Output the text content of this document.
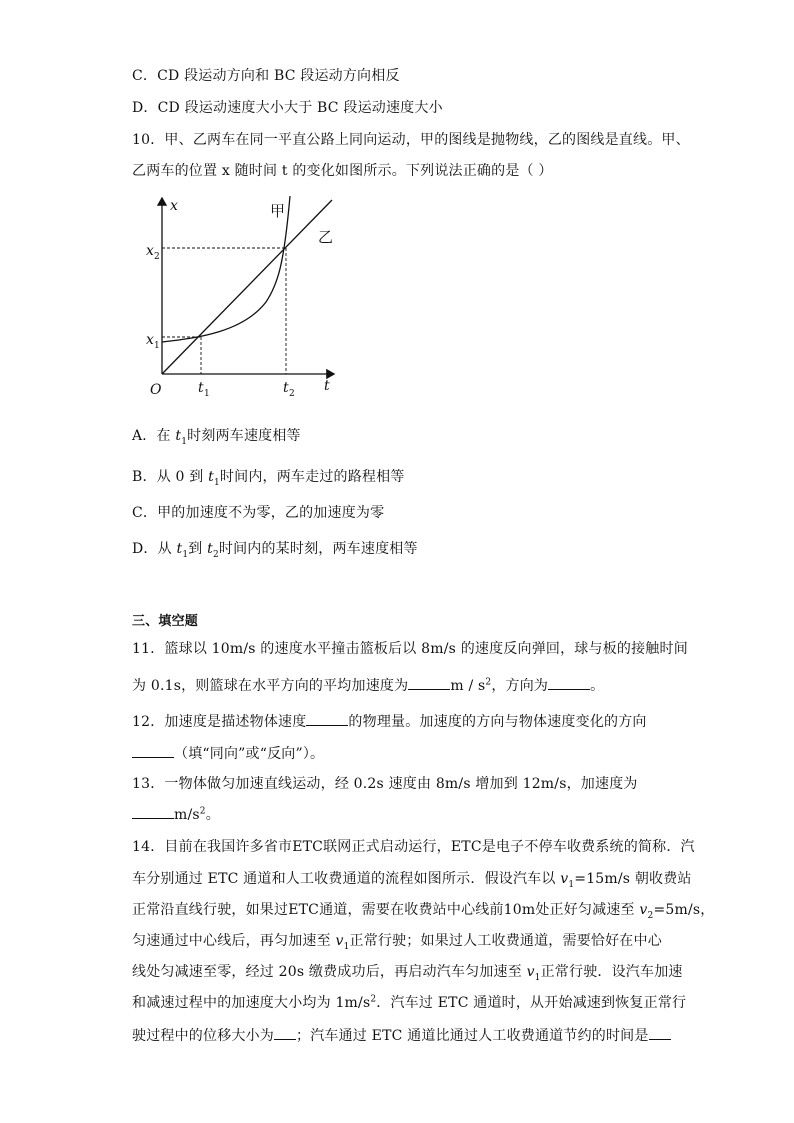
C．CD 段运动方向和 BC 段运动方向相反
D．CD 段运动速度大小大于 BC 段运动速度大小
10．甲、乙两车在同一平直公路上同向运动，甲的图线是抛物线，乙的图线是直线。甲、
乙两车的位置 x 随时间 t 的变化如图所示。下列说法正确的是（ ）
x
t
O
x 1
x 2
t 1	t 2
甲
乙
A．在 $t_1$时刻两车速度相等
B．从 0 到 $t_1$时间内，两车走过的路程相等
C．甲的加速度不为零，乙的加速度为零
D．从 $t_1$到 $t_2$时间内的某时刻，两车速度相等
三、填空题
11．篮球以 10m/s 的速度水平撞击篮板后以 8m/s 的速度反向弹回，球与板的接触时间
为 0.1s，则篮球在水平方向的平均加速度为	m / $s^2$，方向为	。
12．加速度是描述物体速度	的物理量。加速度的方向与物体速度变化的方向
（填“同向”或“反向”）。
13．一物体做匀加速直线运动，经 0.2s 速度由 8m/s 增加到 12m/s，加速度为
$m/s^2$。
14．目前在我国许多省市ETC联网正式启动运行，ETC是电子不停车收费系统的简称．汽
车分别通过 ETC 通道和人工收费通道的流程如图所示．假设汽车以 $v_1=15m/s$ 朝收费站
正常沿直线行驶，如果过ETC通道，需要在收费站中心线前10m处正好匀减速至 $v_2=5m/s$，
匀速通过中心线后，再匀加速至 $v_1$正常行驶；如果过人工收费通道，需要恰好在中心
线处匀减速至零，经过 20s 缴费成功后，再启动汽车匀加速至 $v_1$正常行驶．设汽车加速
和减速过程中的加速度大小均为 $1m/s^2$．汽车过 ETC 通道时，从开始减速到恢复正常行
驶过程中的位移大小为 ；汽车通过 ETC 通道比通过人工收费通道节约的时间是
